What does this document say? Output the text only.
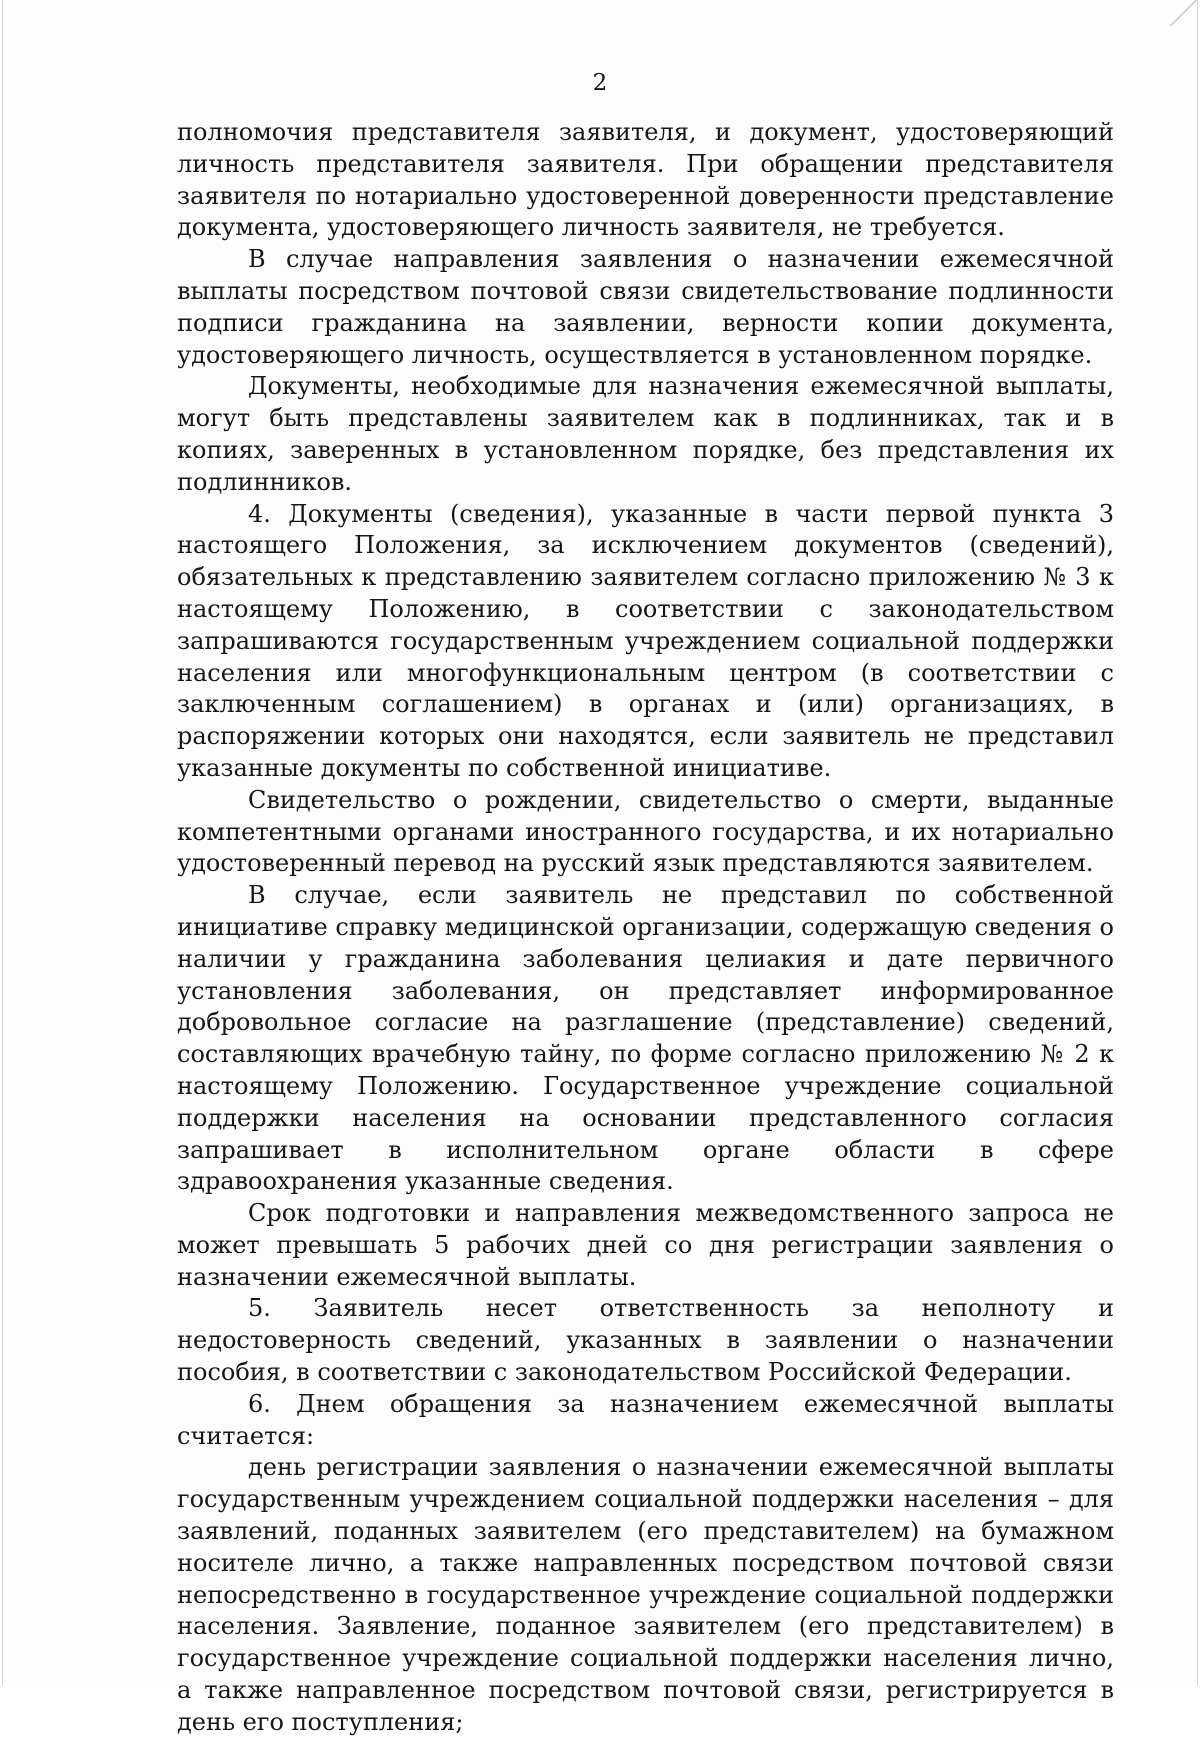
2

полномочия представителя заявителя, и документ, удостоверяющий личность представителя заявителя. При обращении представителя заявителя по нотариально удостоверенной доверенности представление документа, удостоверяющего личность заявителя, не требуется.

В случае направления заявления о назначении ежемесячной выплаты посредством почтовой связи свидетельствование подлинности подписи гражданина на заявлении, верности копии документа, удостоверяющего личность, осуществляется в установленном порядке.

Документы, необходимые для назначения ежемесячной выплаты, могут быть представлены заявителем как в подлинниках, так и в копиях, заверенных в установленном порядке, без представления их подлинников.

4. Документы (сведения), указанные в части первой пункта 3 настоящего Положения, за исключением документов (сведений), обязательных к представлению заявителем согласно приложению № 3 к настоящему Положению, в соответствии с законодательством запрашиваются государственным учреждением социальной поддержки населения или многофункциональным центром (в соответствии с заключенным соглашением) в органах и (или) организациях, в распоряжении которых они находятся, если заявитель не представил указанные документы по собственной инициативе.

Свидетельство о рождении, свидетельство о смерти, выданные компетентными органами иностранного государства, и их нотариально удостоверенный перевод на русский язык представляются заявителем.

В случае, если заявитель не представил по собственной инициативе справку медицинской организации, содержащую сведения о наличии у гражданина заболевания целиакия и дате первичного установления заболевания, он представляет информированное добровольное согласие на разглашение (представление) сведений, составляющих врачебную тайну, по форме согласно приложению № 2 к настоящему Положению. Государственное учреждение социальной поддержки населения на основании представленного согласия запрашивает в исполнительном органе области в сфере здравоохранения указанные сведения.

Срок подготовки и направления межведомственного запроса не может превышать 5 рабочих дней со дня регистрации заявления о назначении ежемесячной выплаты.

5. Заявитель несет ответственность за неполноту и недостоверность сведений, указанных в заявлении о назначении пособия, в соответствии с законодательством Российской Федерации.

6. Днем обращения за назначением ежемесячной выплаты считается:

день регистрации заявления о назначении ежемесячной выплаты государственным учреждением социальной поддержки населения – для заявлений, поданных заявителем (его представителем) на бумажном носителе лично, а также направленных посредством почтовой связи непосредственно в государственное учреждение социальной поддержки населения. Заявление, поданное заявителем (его представителем) в государственное учреждение социальной поддержки населения лично, а также направленное посредством почтовой связи, регистрируется в день его поступления;
